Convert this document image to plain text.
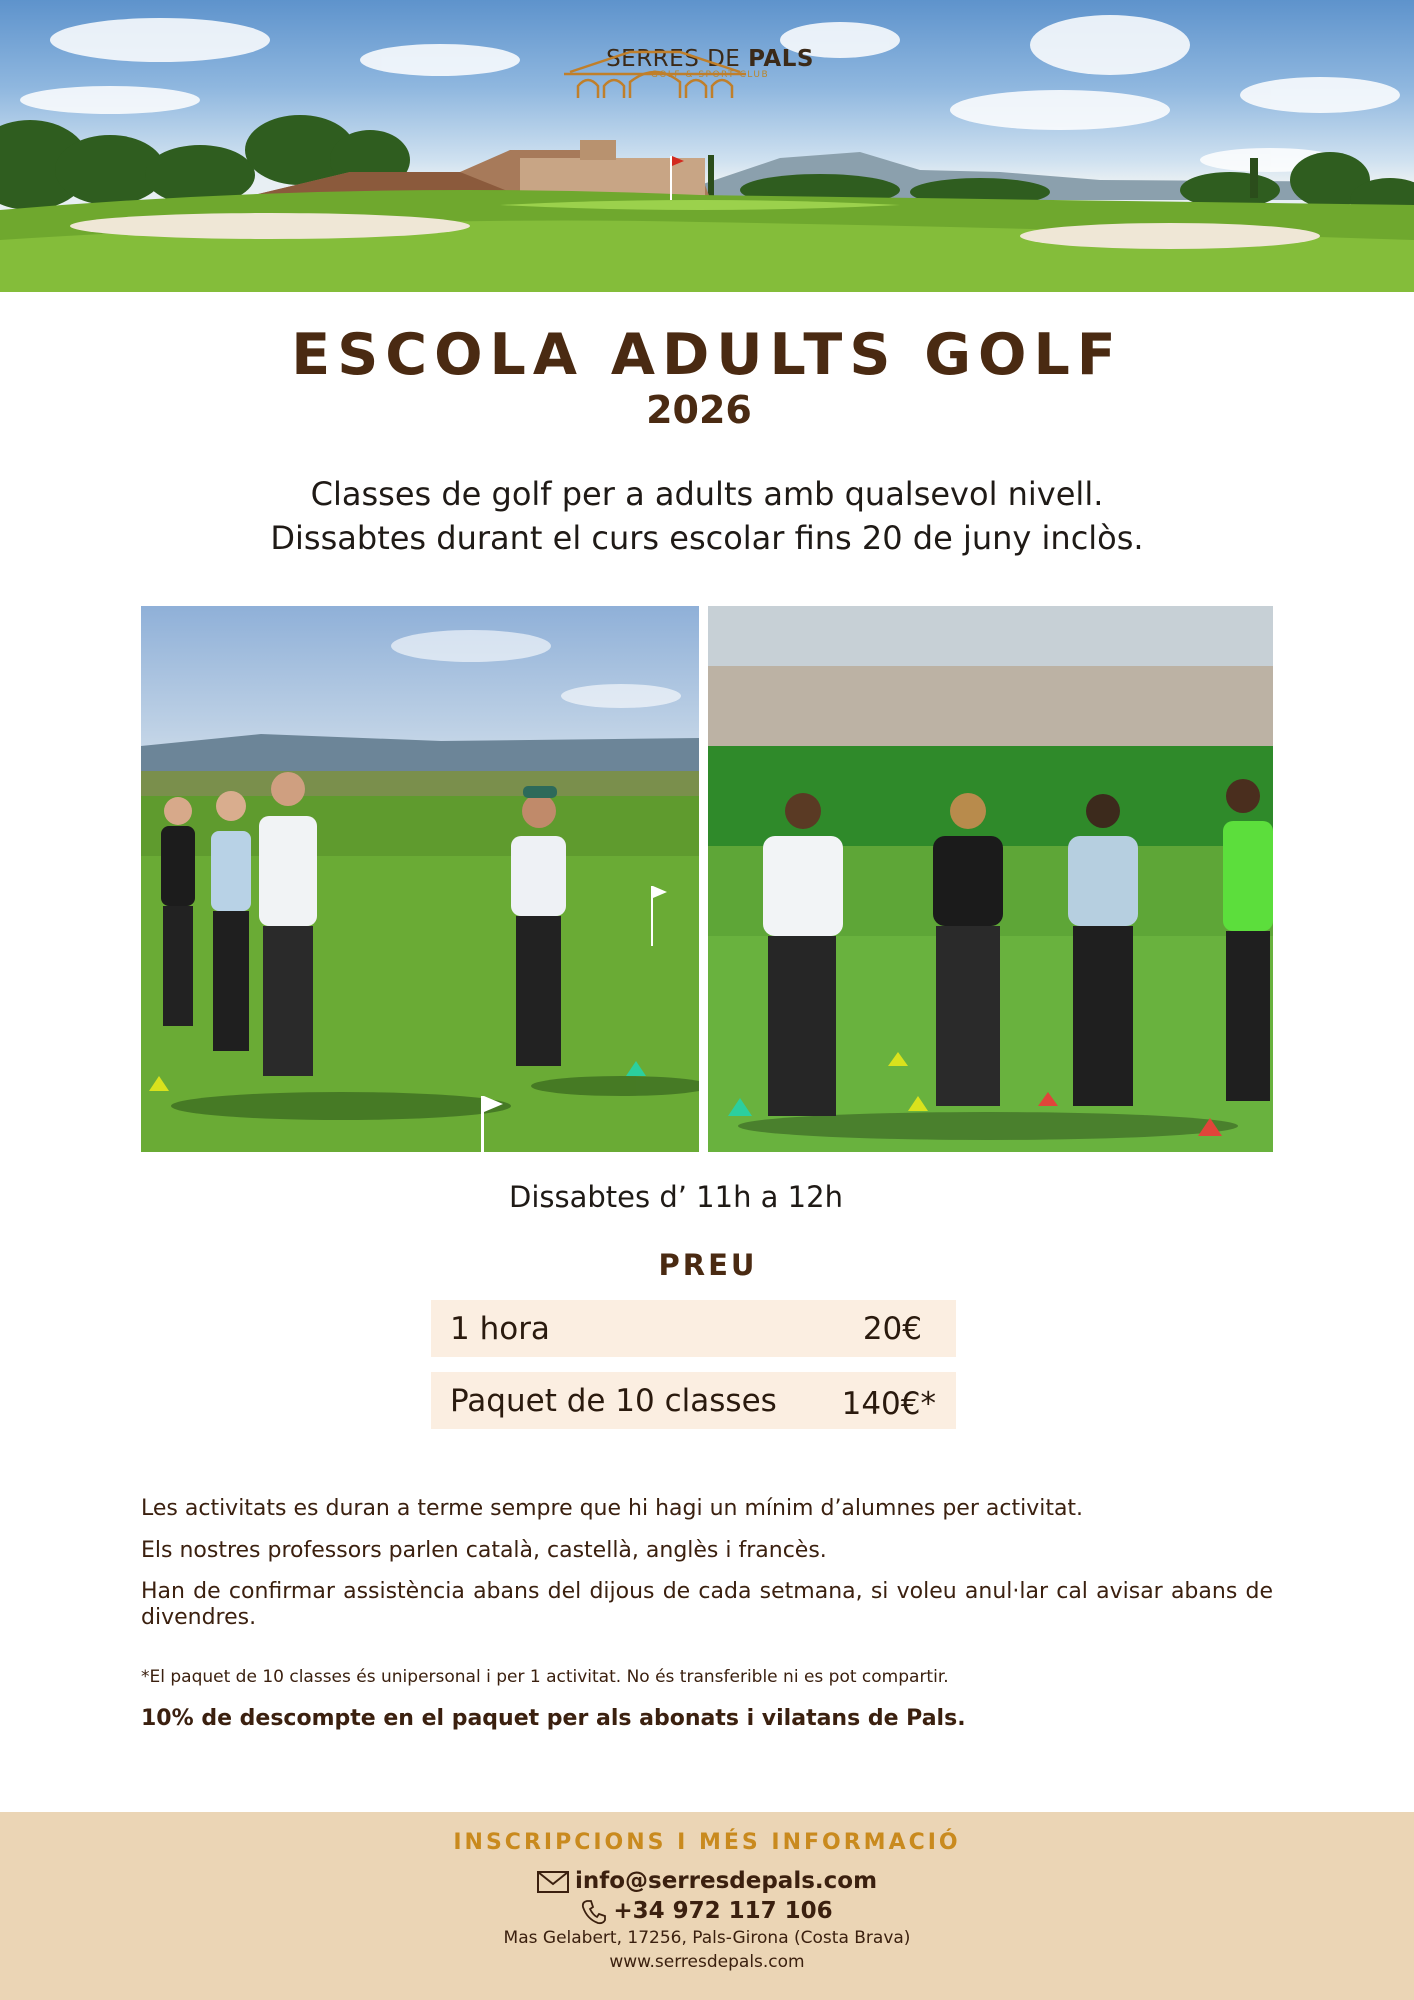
SERRES DE PALS
GOLF & SPORT CLUB
ESCOLA ADULTS GOLF
2026
Classes de golf per a adults amb qualsevol nivell.
Dissabtes durant el curs escolar fins 20 de juny inclòs.
Dissabtes d’ 11h a 12h
PREU
1 hora	20€
Paquet de 10 classes 140€*
Les activitats es duran a terme sempre que hi hagi un mínim d’alumnes per activitat.
Els nostres professors parlen català, castellà, anglès i francès.
Han de confirmar assistència abans del dijous de cada setmana, si voleu anul·lar cal avisar abans de divendres.
*El paquet de 10 classes és unipersonal i per 1 activitat. No és transferible ni es pot compartir.
10% de descompte en el paquet per als abonats i vilatans de Pals.
INSCRIPCIONS I MÉS INFORMACIÓ
info@serresdepals.com
+34 972 117 106
Mas Gelabert, 17256, Pals-Girona (Costa Brava)
www.serresdepals.com
